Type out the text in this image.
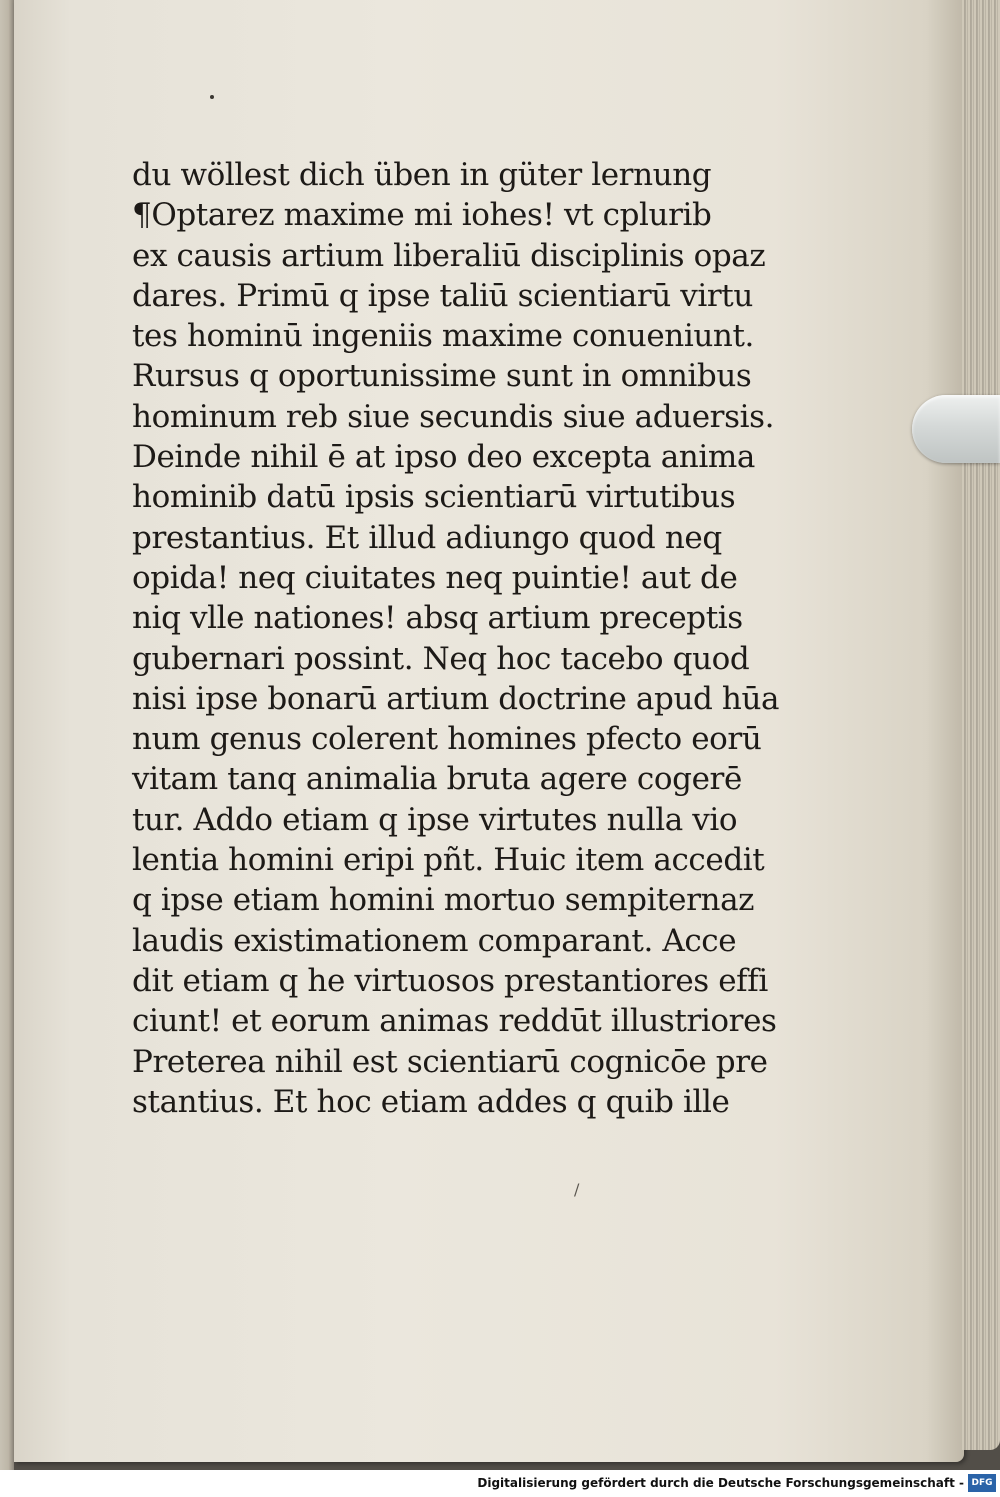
du wöllest dich üben in güter lernung
¶Optarez maxime mi iohes! vt cplurib
ex causis artium liberaliū disciplinis opaz
dares. Primū q ipse taliū scientiarū virtu
tes hominū ingeniis maxime conueniunt.
Rursus q oportunissime sunt in omnibus
hominum reb siue secundis siue aduersis.
Deinde nihil ē at ipso deo excepta anima
hominib datū ipsis scientiarū virtutibus
prestantius. Et illud adiungo quod neq
opida! neq ciuitates neq puintie! aut de
niq vlle nationes! absq artium preceptis
gubernari possint. Neq hoc tacebo quod
nisi ipse bonarū artium doctrine apud hūa
num genus colerent homines pfecto eorū
vitam tanq animalia bruta agere cogerē
tur. Addo etiam q ipse virtutes nulla vio
lentia homini eripi pñt. Huic item accedit
q ipse etiam homini mortuo sempiternaz
laudis existimationem comparant. Acce
dit etiam q he virtuosos prestantiores effi
ciunt! et eorum animas reddūt illustriores
Preterea nihil est scientiarū cognicōe pre
stantius. Et hoc etiam addes q quib ille
/
Digitalisierung gefördert durch die Deutsche Forschungsgemeinschaft - DFG
